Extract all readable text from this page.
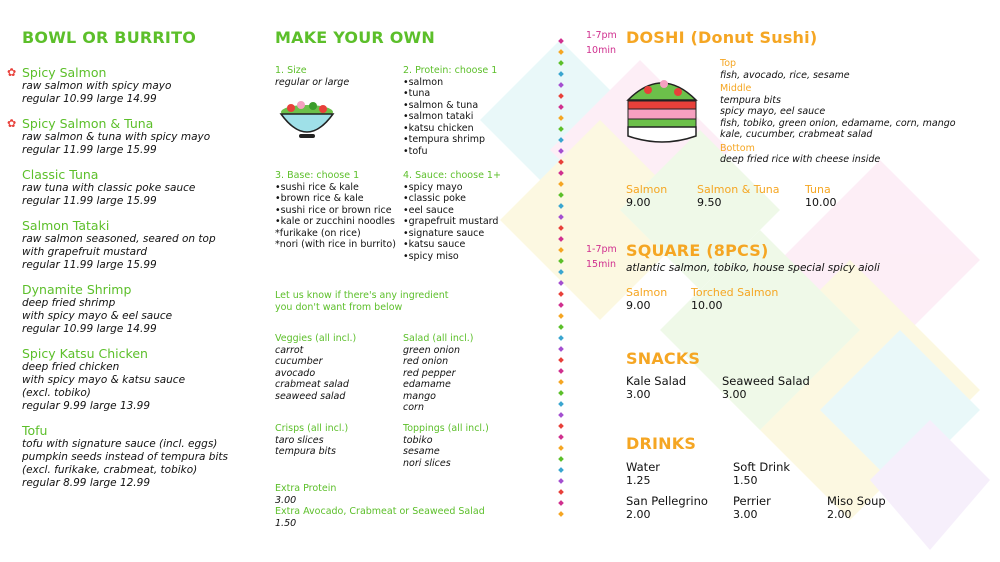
BOWL OR BURRITO
✿ Spicy Salmon
raw salmon with spicy mayo
regular 10.99 large 14.99
✿ Spicy Salmon & Tuna
raw salmon & tuna with spicy mayo
regular 11.99 large 15.99
Classic Tuna
raw tuna with classic poke sauce
regular 11.99 large 15.99
Salmon Tataki
raw salmon seasoned, seared on top
with grapefruit mustard
regular 11.99 large 15.99
Dynamite Shrimp
deep fried shrimp
with spicy mayo & eel sauce
regular 10.99 large 14.99
Spicy Katsu Chicken
deep fried chicken
with spicy mayo & katsu sauce
(excl. tobiko)
regular 9.99 large 13.99
Tofu
tofu with signature sauce (incl. eggs)
pumpkin seeds instead of tempura bits
(excl. furikake, crabmeat, tobiko)
regular 8.99 large 12.99
MAKE YOUR OWN
1. Size
regular or large
2. Protein: choose 1
•salmon
•tuna
•salmon & tuna
•salmon tataki
•katsu chicken
•tempura shrimp
•tofu
3. Base: choose 1
•sushi rice & kale
•brown rice & kale
•sushi rice or brown rice
•kale or zucchini noodles
*furikake (on rice)
*nori (with rice in burrito)
4. Sauce: choose 1+
•spicy mayo
•classic poke
•eel sauce
•grapefruit mustard
•signature sauce
•katsu sauce
•spicy miso
Let us know if there's any ingredient
you don't want from below
Veggies (all incl.)
carrot
cucumber
avocado
crabmeat salad
seaweed salad
Salad (all incl.)
green onion
red onion
red pepper
edamame
mango
corn
Crisps (all incl.)
taro slices
tempura bits
Toppings (all incl.)
tobiko
sesame
nori slices
Extra Protein
3.00
Extra Avocado, Crabmeat or Seaweed Salad
1.50
1-7pm
10min
DOSHI (Donut Sushi)
Top
fish, avocado, rice, sesame
Middle
tempura bits
spicy mayo, eel sauce
fish, tobiko, green onion, edamame, corn, mango
kale, cucumber, crabmeat salad
Bottom
deep fried rice with cheese inside
Salmon
9.00
Salmon & Tuna
9.50
Tuna
10.00
1-7pm
15min
SQUARE (8PCS)
atlantic salmon, tobiko, house special spicy aioli
Salmon
9.00
Torched Salmon
10.00
SNACKS
Kale Salad
3.00
Seaweed Salad
3.00
DRINKS
Water
1.25
Soft Drink
1.50
San Pellegrino
2.00
Perrier
3.00
Miso Soup
2.00
